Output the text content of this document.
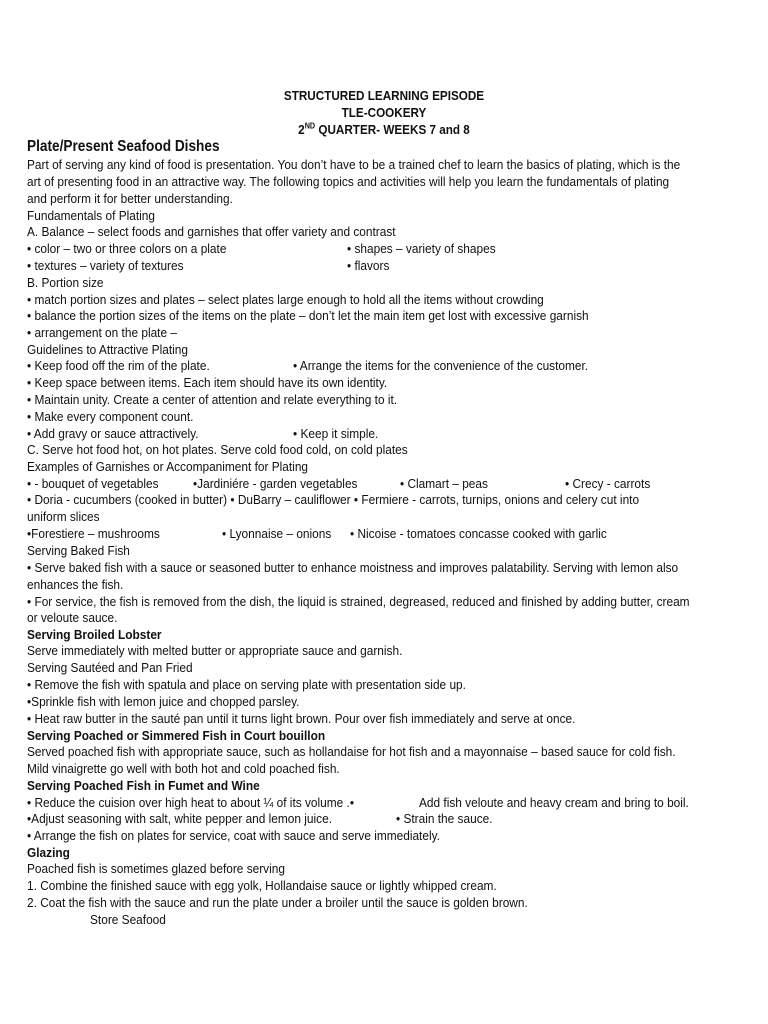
STRUCTURED LEARNING EPISODE
TLE-COOKERY
2ND QUARTER- WEEKS 7 and 8
Plate/Present Seafood Dishes
Part of serving any kind of food is presentation. You don’t have to be a trained chef to learn the basics of plating, which is the
art of presenting food in an attractive way. The following topics and activities will help you learn the fundamentals of plating
and perform it for better understanding.
Fundamentals of Plating
A. Balance – select foods and garnishes that offer variety and contrast
• color – two or three colors on a plate	• shapes – variety of shapes
• textures – variety of textures	• flavors
B. Portion size
• match portion sizes and plates – select plates large enough to hold all the items without crowding
• balance the portion sizes of the items on the plate – don’t let the main item get lost with excessive garnish
• arrangement on the plate –
Guidelines to Attractive Plating
• Keep food off the rim of the plate.	• Arrange the items for the convenience of the customer.
• Keep space between items. Each item should have its own identity.
• Maintain unity. Create a center of attention and relate everything to it.
• Make every component count.
• Add gravy or sauce attractively.	• Keep it simple.
C. Serve hot food hot, on hot plates. Serve cold food cold, on cold plates
Examples of Garnishes or Accompaniment for Plating
• - bouquet of vegetables	•Jardiniére - garden vegetables	• Clamart – peas	• Crecy - carrots
• Doria - cucumbers (cooked in butter) • DuBarry – cauliflower • Fermiere - carrots, turnips, onions and celery cut into
uniform slices
•Forestiere – mushrooms	• Lyonnaise – onions • Nicoise - tomatoes concasse cooked with garlic
Serving Baked Fish
• Serve baked fish with a sauce or seasoned butter to enhance moistness and improves palatability. Serving with lemon also
enhances the fish.
• For service, the fish is removed from the dish, the liquid is strained, degreased, reduced and finished by adding butter, cream
or veloute sauce.
Serving Broiled Lobster
Serve immediately with melted butter or appropriate sauce and garnish.
Serving Sautéed and Pan Fried
• Remove the fish with spatula and place on serving plate with presentation side up.
•Sprinkle fish with lemon juice and chopped parsley.
• Heat raw butter in the sauté pan until it turns light brown. Pour over fish immediately and serve at once.
Serving Poached or Simmered Fish in Court bouillon
Served poached fish with appropriate sauce, such as hollandaise for hot fish and a mayonnaise – based sauce for cold fish.
Mild vinaigrette go well with both hot and cold poached fish.
Serving Poached Fish in Fumet and Wine
• Reduce the cuision over high heat to about ¼ of its volume .•	Add fish veloute and heavy cream and bring to boil.
•Adjust seasoning with salt, white pepper and lemon juice.	• Strain the sauce.
• Arrange the fish on plates for service, coat with sauce and serve immediately.
Glazing
Poached fish is sometimes glazed before serving
1. Combine the finished sauce with egg yolk, Hollandaise sauce or lightly whipped cream.
2. Coat the fish with the sauce and run the plate under a broiler until the sauce is golden brown.
Store Seafood
